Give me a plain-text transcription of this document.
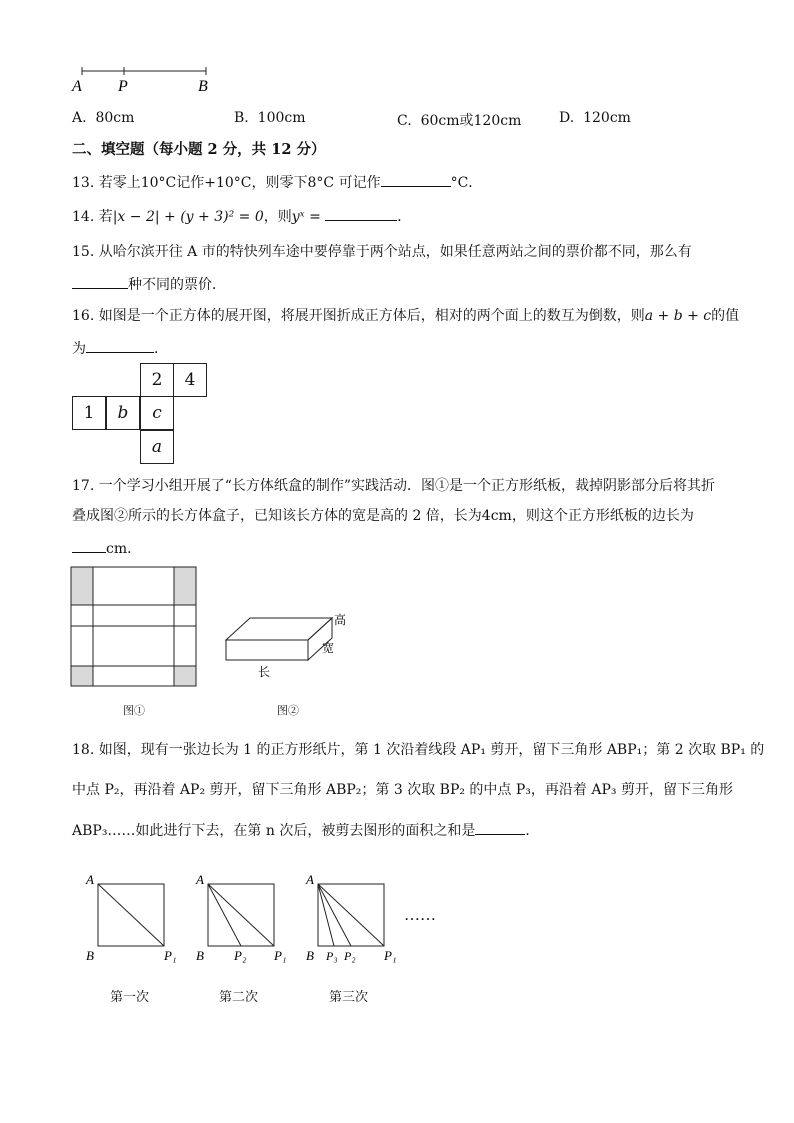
A P	B
A. 80cm	B. 100cm	C. 60cm或120cm	D. 120cm
二、填空题（每小题 2 分，共 12 分）
13. 若零上10°C记作+10°C，则零下8°C 可记作	°C．
14. 若|x − 2| + (y + 3)² = 0，则yˣ =	．
15. 从哈尔滨开往 A 市的特快列车途中要停靠于两个站点，如果任意两站之间的票价都不同，那么有
种不同的票价．
16. 如图是一个正方体的展开图，将展开图折成正方体后，相对的两个面上的数互为倒数，则a + b + c的值
为	．
2	4
1	b	c
a
17. 一个学习小组开展了“长方体纸盒的制作”实践活动．图①是一个正方形纸板，裁掉阴影部分后将其折
叠成图②所示的长方体盒子，已知该长方体的宽是高的 2 倍，长为4cm，则这个正方形纸板的边长为
cm．
图①
高
宽
长
图②
18. 如图，现有一张边长为 1 的正方形纸片，第 1 次沿着线段 AP₁ 剪开，留下三角形 ABP₁；第 2 次取 BP₁ 的
中点 P₂，再沿着 AP₂ 剪开，留下三角形 ABP₂；第 3 次取 BP₂ 的中点 P₃，再沿着 AP₃ 剪开，留下三角形
ABP₃……如此进行下去，在第 n 次后，被剪去图形的面积之和是	．
A
B	P₁
A
B P₂ P₁
A
B P₃ P₂ P₁
……
第一次	第二次	第三次
